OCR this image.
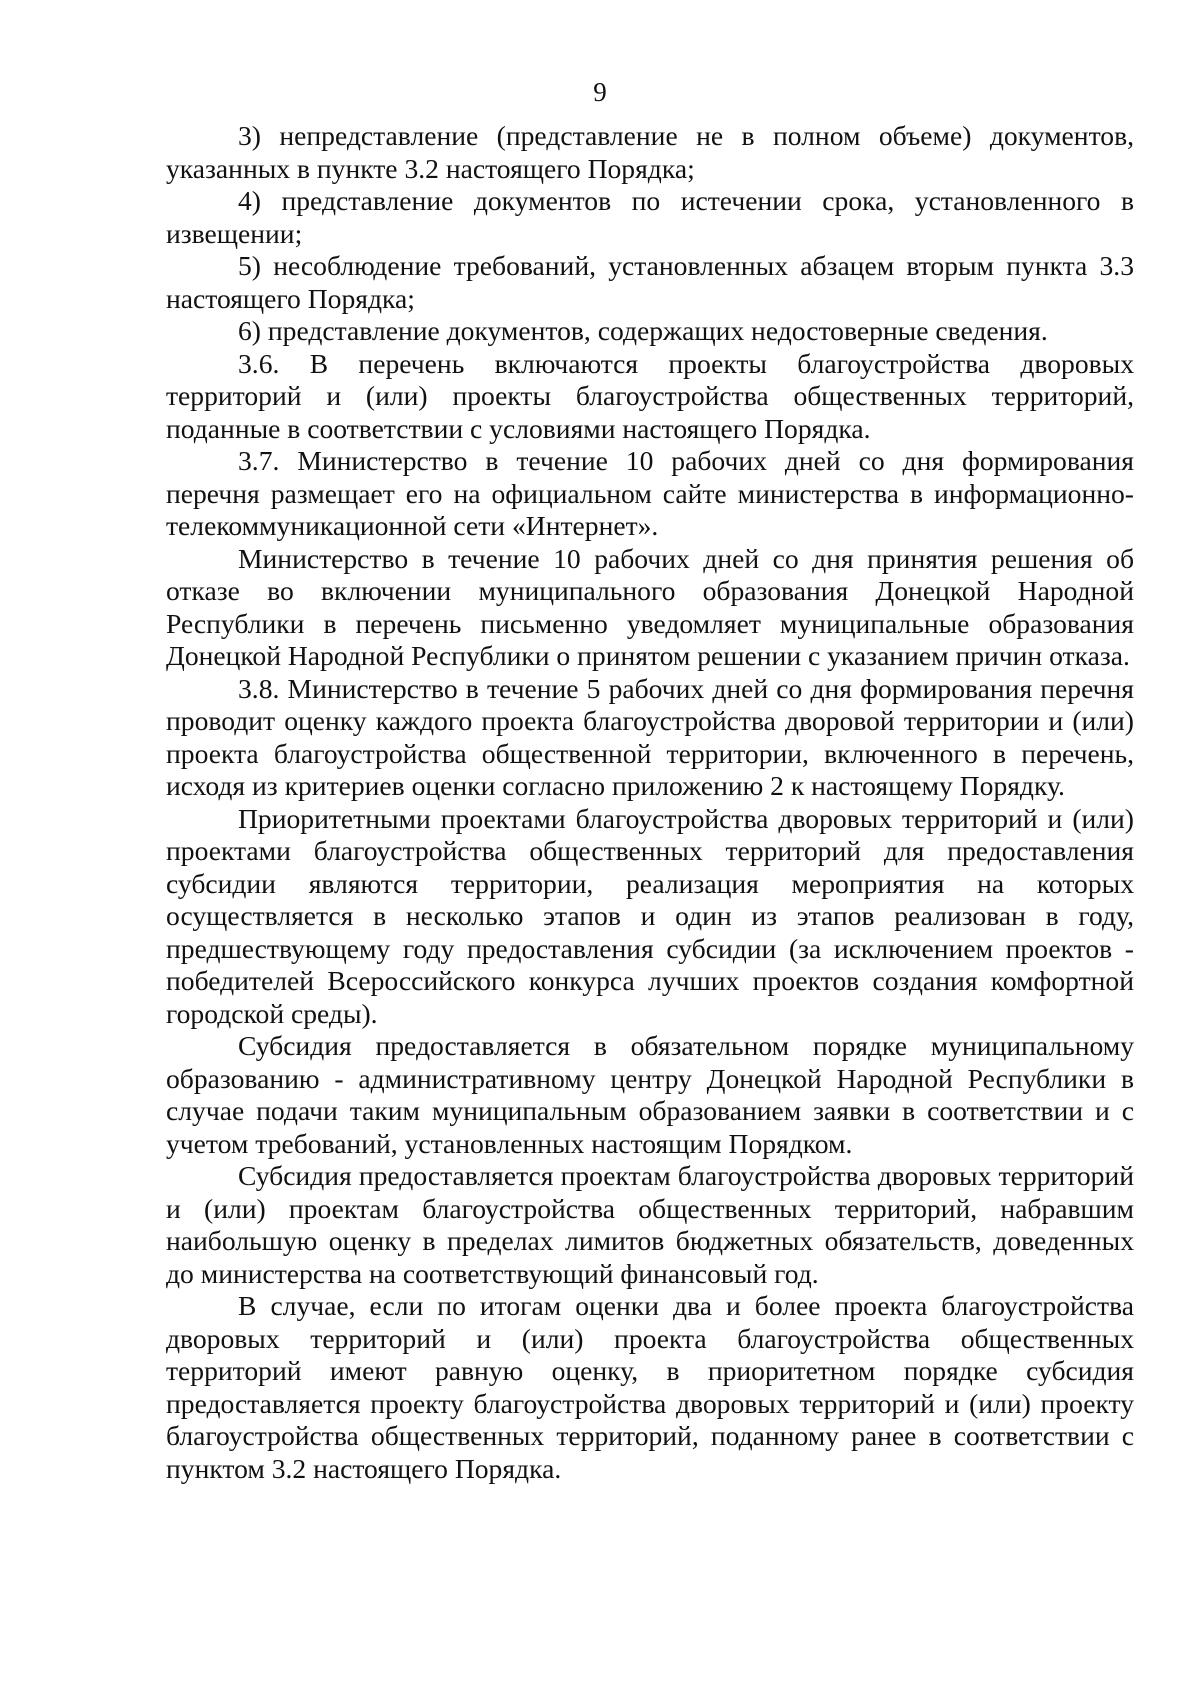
9

3) непредставление (представление не в полном объеме) документов, указанных в пункте 3.2 настоящего Порядка;

4) представление документов по истечении срока, установленного в извещении;

5) несоблюдение требований, установленных абзацем вторым пункта 3.3 настоящего Порядка;

6) представление документов, содержащих недостоверные сведения.

3.6. В перечень включаются проекты благоустройства дворовых территорий и (или) проекты благоустройства общественных территорий, поданные в соответствии с условиями настоящего Порядка.

3.7. Министерство в течение 10 рабочих дней со дня формирования перечня размещает его на официальном сайте министерства в информационно-телекоммуникационной сети «Интернет».

Министерство в течение 10 рабочих дней со дня принятия решения об отказе во включении муниципального образования Донецкой Народной Республики в перечень письменно уведомляет муниципальные образования Донецкой Народной Республики о принятом решении с указанием причин отказа.

3.8. Министерство в течение 5 рабочих дней со дня формирования перечня проводит оценку каждого проекта благоустройства дворовой территории и (или) проекта благоустройства общественной территории, включенного в перечень, исходя из критериев оценки согласно приложению 2 к настоящему Порядку.

Приоритетными проектами благоустройства дворовых территорий и (или) проектами благоустройства общественных территорий для предоставления субсидии являются территории, реализация мероприятия на которых осуществляется в несколько этапов и один из этапов реализован в году, предшествующему году предоставления субсидии (за исключением проектов - победителей Всероссийского конкурса лучших проектов создания комфортной городской среды).

Субсидия предоставляется в обязательном порядке муниципальному образованию - административному центру Донецкой Народной Республики в случае подачи таким муниципальным образованием заявки в соответствии и с учетом требований, установленных настоящим Порядком.

Субсидия предоставляется проектам благоустройства дворовых территорий и (или) проектам благоустройства общественных территорий, набравшим наибольшую оценку в пределах лимитов бюджетных обязательств, доведенных до министерства на соответствующий финансовый год.

В случае, если по итогам оценки два и более проекта благоустройства дворовых территорий и (или) проекта благоустройства общественных территорий имеют равную оценку, в приоритетном порядке субсидия предоставляется проекту благоустройства дворовых территорий и (или) проекту благоустройства общественных территорий, поданному ранее в соответствии с пунктом 3.2 настоящего Порядка.
